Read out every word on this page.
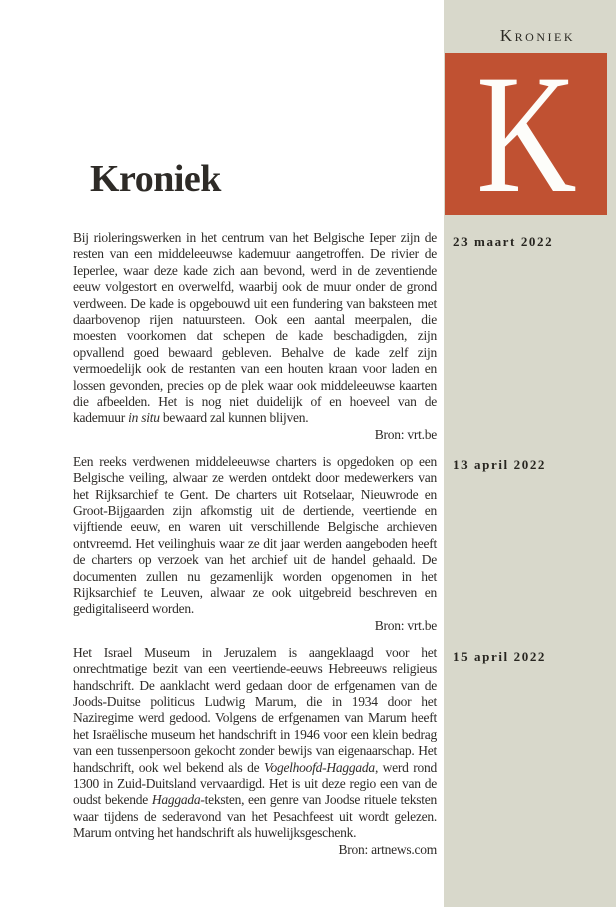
Kroniek
K
23 maart 2022
13 april 2022
15 april 2022
Kroniek

Bij rioleringswerken in het centrum van het Belgische Ieper zijn de resten van een middeleeuwse kademuur aangetroffen. De rivier de Ieperlee, waar deze kade zich aan bevond, werd in de zeventiende eeuw volgestort en overwelfd, waarbij ook de muur onder de grond verdween. De kade is opgebouwd uit een fundering van baksteen met daarbovenop rijen natuursteen. Ook een aantal meerpalen, die moesten voorkomen dat schepen de kade beschadigden, zijn opvallend goed bewaard gebleven. Behalve de kade zelf zijn vermoedelijk ook de restanten van een houten kraan voor laden en lossen gevonden, precies op de plek waar ook middeleeuwse kaarten die afbeelden. Het is nog niet duidelijk of en hoeveel van de kademuur in situ bewaard zal kunnen blijven.

Bron: vrt.be

Een reeks verdwenen middeleeuwse charters is opgedoken op een Belgische veiling, alwaar ze werden ontdekt door medewerkers van het Rijksarchief te Gent. De charters uit Rotselaar, Nieuwrode en Groot-Bijgaarden zijn afkomstig uit de dertiende, veertiende en vijftiende eeuw, en waren uit verschillende Belgische archieven ontvreemd. Het veilinghuis waar ze dit jaar werden aangeboden heeft de charters op verzoek van het archief uit de handel gehaald. De documenten zullen nu gezamenlijk worden opgenomen in het Rijksarchief te Leuven, alwaar ze ook uitgebreid beschreven en gedigitaliseerd worden.

Bron: vrt.be

Het Israel Museum in Jeruzalem is aangeklaagd voor het onrechtmatige bezit van een veertiende-eeuws Hebreeuws religieus handschrift. De aanklacht werd gedaan door de erfgenamen van de Joods-Duitse politicus Ludwig Marum, die in 1934 door het Naziregime werd gedood. Volgens de erfgenamen van Marum heeft het Israëlische museum het handschrift in 1946 voor een klein bedrag van een tussenpersoon gekocht zonder bewijs van eigenaarschap. Het handschrift, ook wel bekend als de Vogelhoofd-Haggada, werd rond 1300 in Zuid-Duitsland vervaardigd. Het is uit deze regio een van de oudst bekende Haggada-teksten, een genre van Joodse rituele teksten waar tijdens de sederavond van het Pesachfeest uit wordt gelezen. Marum ontving het handschrift als huwelijksgeschenk.

Bron: artnews.com
